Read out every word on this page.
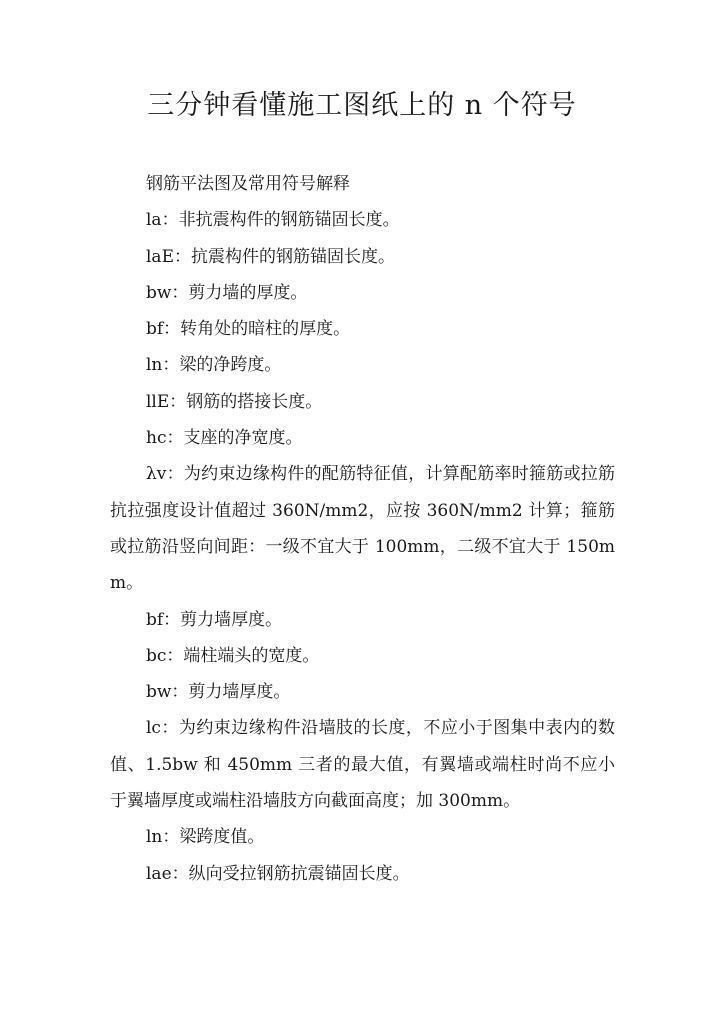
三分钟看懂施工图纸上的 n 个符号

钢筋平法图及常用符号解释

la：非抗震构件的钢筋锚固长度。

laE：抗震构件的钢筋锚固长度。

bw：剪力墙的厚度。

bf：转角处的暗柱的厚度。

ln：梁的净跨度。

llE：钢筋的搭接长度。

hc：支座的净宽度。

λv：为约束边缘构件的配筋特征值，计算配筋率时箍筋或拉筋抗拉强度设计值超过 360N/mm2，应按 360N/mm2 计算；箍筋或拉筋沿竖向间距：一级不宜大于 100mm，二级不宜大于 150mm。

bf：剪力墙厚度。

bc：端柱端头的宽度。

bw：剪力墙厚度。

lc：为约束边缘构件沿墙肢的长度，不应小于图集中表内的数值、1.5bw 和 450mm 三者的最大值，有翼墙或端柱时尚不应小于翼墙厚度或端柱沿墙肢方向截面高度；加 300mm。

ln：梁跨度值。

lae：纵向受拉钢筋抗震锚固长度。
